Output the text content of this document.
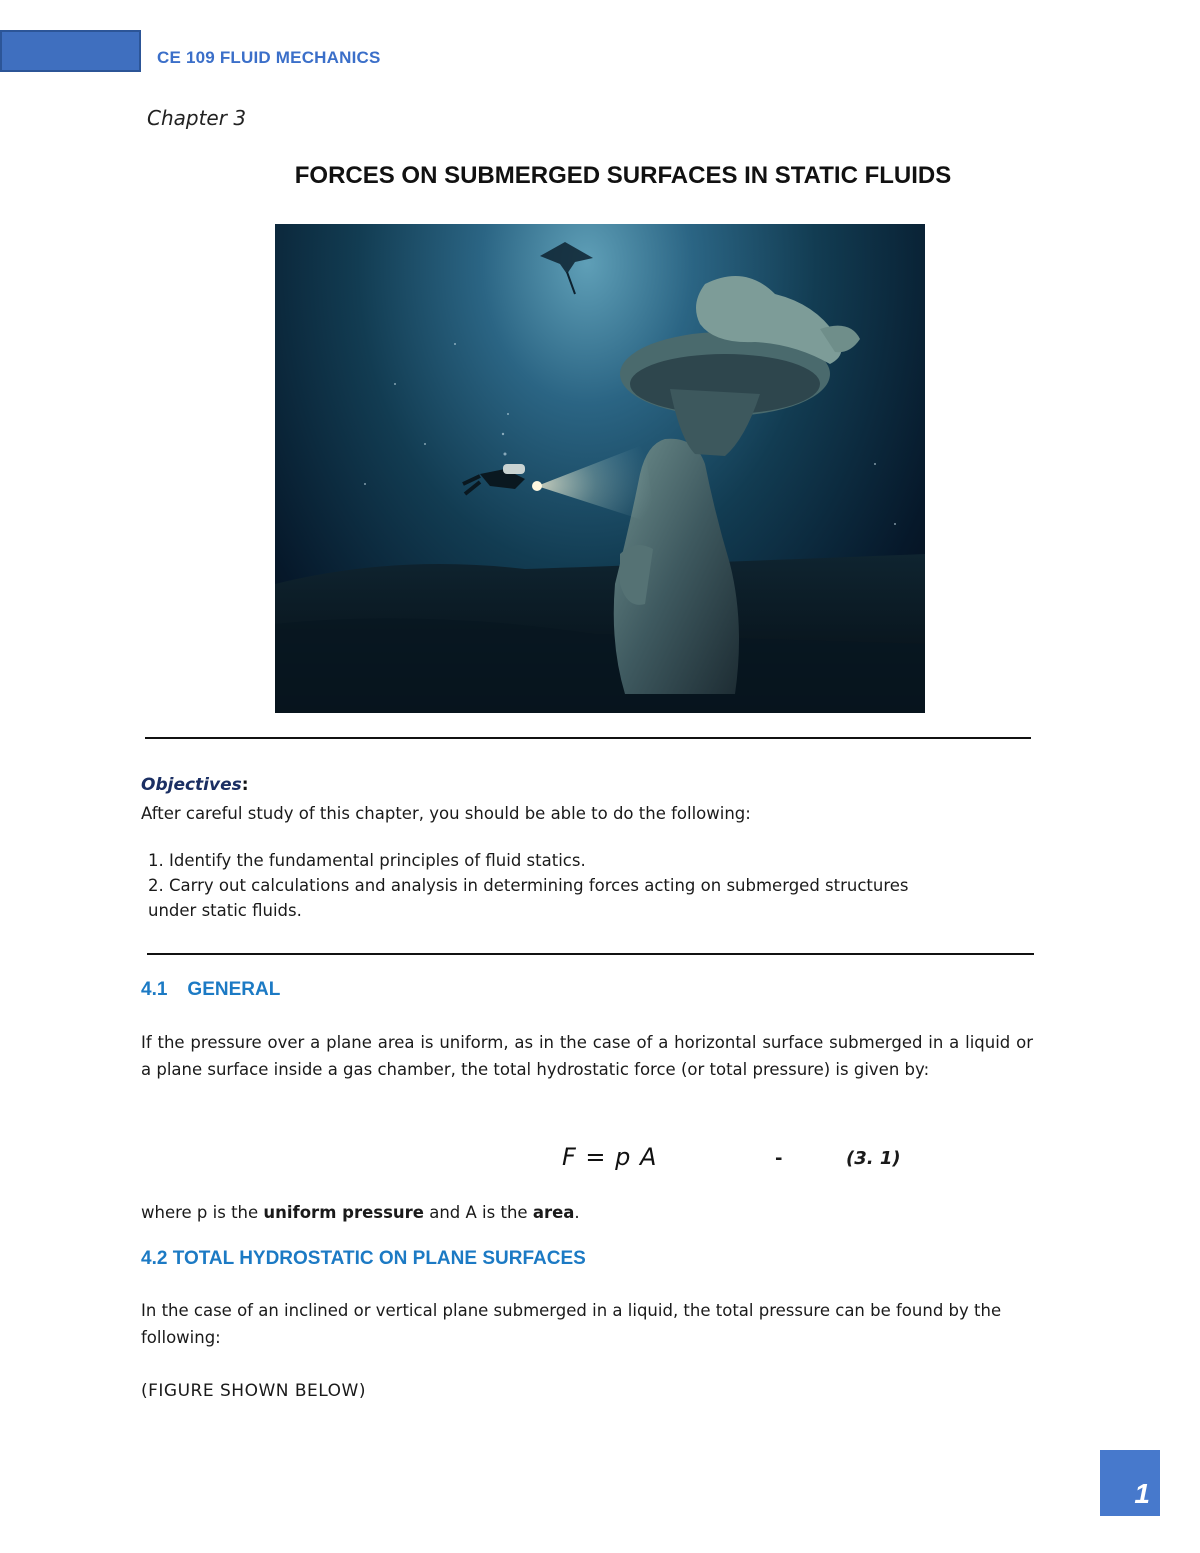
CE 109 FLUID MECHANICS
Chapter 3
FORCES ON SUBMERGED SURFACES IN STATIC FLUIDS
Objectives:
After careful study of this chapter, you should be able to do the following:
1. Identify the fundamental principles of fluid statics.
2. Carry out calculations and analysis in determining forces acting on submerged structures under static fluids.
4.1 GENERAL
If the pressure over a plane area is uniform, as in the case of a horizontal surface submerged in a liquid or a plane surface inside a gas chamber, the total hydrostatic force (or total pressure) is given by:
F = p A	-	(3. 1)
where p is the uniform pressure and A is the area.
4.2 TOTAL HYDROSTATIC ON PLANE SURFACES
In the case of an inclined or vertical plane submerged in a liquid, the total pressure can be found by the following:
(FIGURE SHOWN BELOW)
1
